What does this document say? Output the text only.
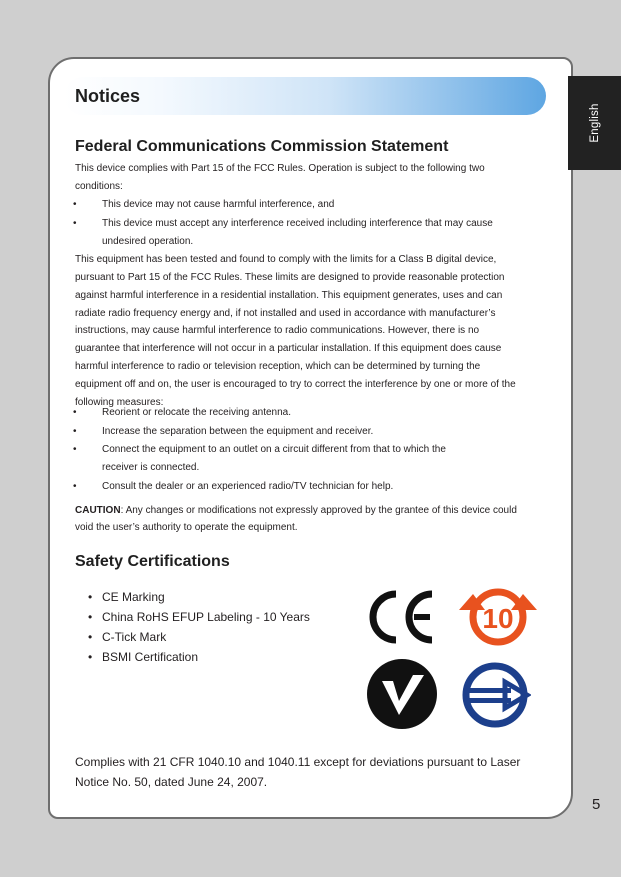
English
Notices
Federal Communications Commission Statement
This device complies with Part 15 of the FCC Rules. Operation is subject to the following two
conditions:
•	This device may not cause harmful interference, and
•	This device must accept any interference received including interference that may cause
undesired operation.
This equipment has been tested and found to comply with the limits for a Class B digital device,
pursuant to Part 15 of the FCC Rules. These limits are designed to provide reasonable protection
against harmful interference in a residential installation. This equipment generates, uses and can
radiate radio frequency energy and, if not installed and used in accordance with manufacturer’s
instructions, may cause harmful interference to radio communications. However, there is no
guarantee that interference will not occur in a particular installation. If this equipment does cause
harmful interference to radio or television reception, which can be determined by turning the
equipment off and on, the user is encouraged to try to correct the interference by one or more of the
following measures:
•	Reorient or relocate the receiving antenna.
•	Increase the separation between the equipment and receiver.
•	Connect the equipment to an outlet on a circuit different from that to which the
receiver is connected.
•	Consult the dealer or an experienced radio/TV technician for help.
CAUTION: Any changes or modifications not expressly approved by the grantee of this device could
void the user’s authority to operate the equipment.
Safety Certifications
• CE Marking
• China RoHS EFUP Labeling - 10 Years
• C-Tick Mark
• BSMI Certification
10
Complies with 21 CFR 1040.10 and 1040.11 except for deviations pursuant to Laser
Notice No. 50, dated June 24, 2007.
5
